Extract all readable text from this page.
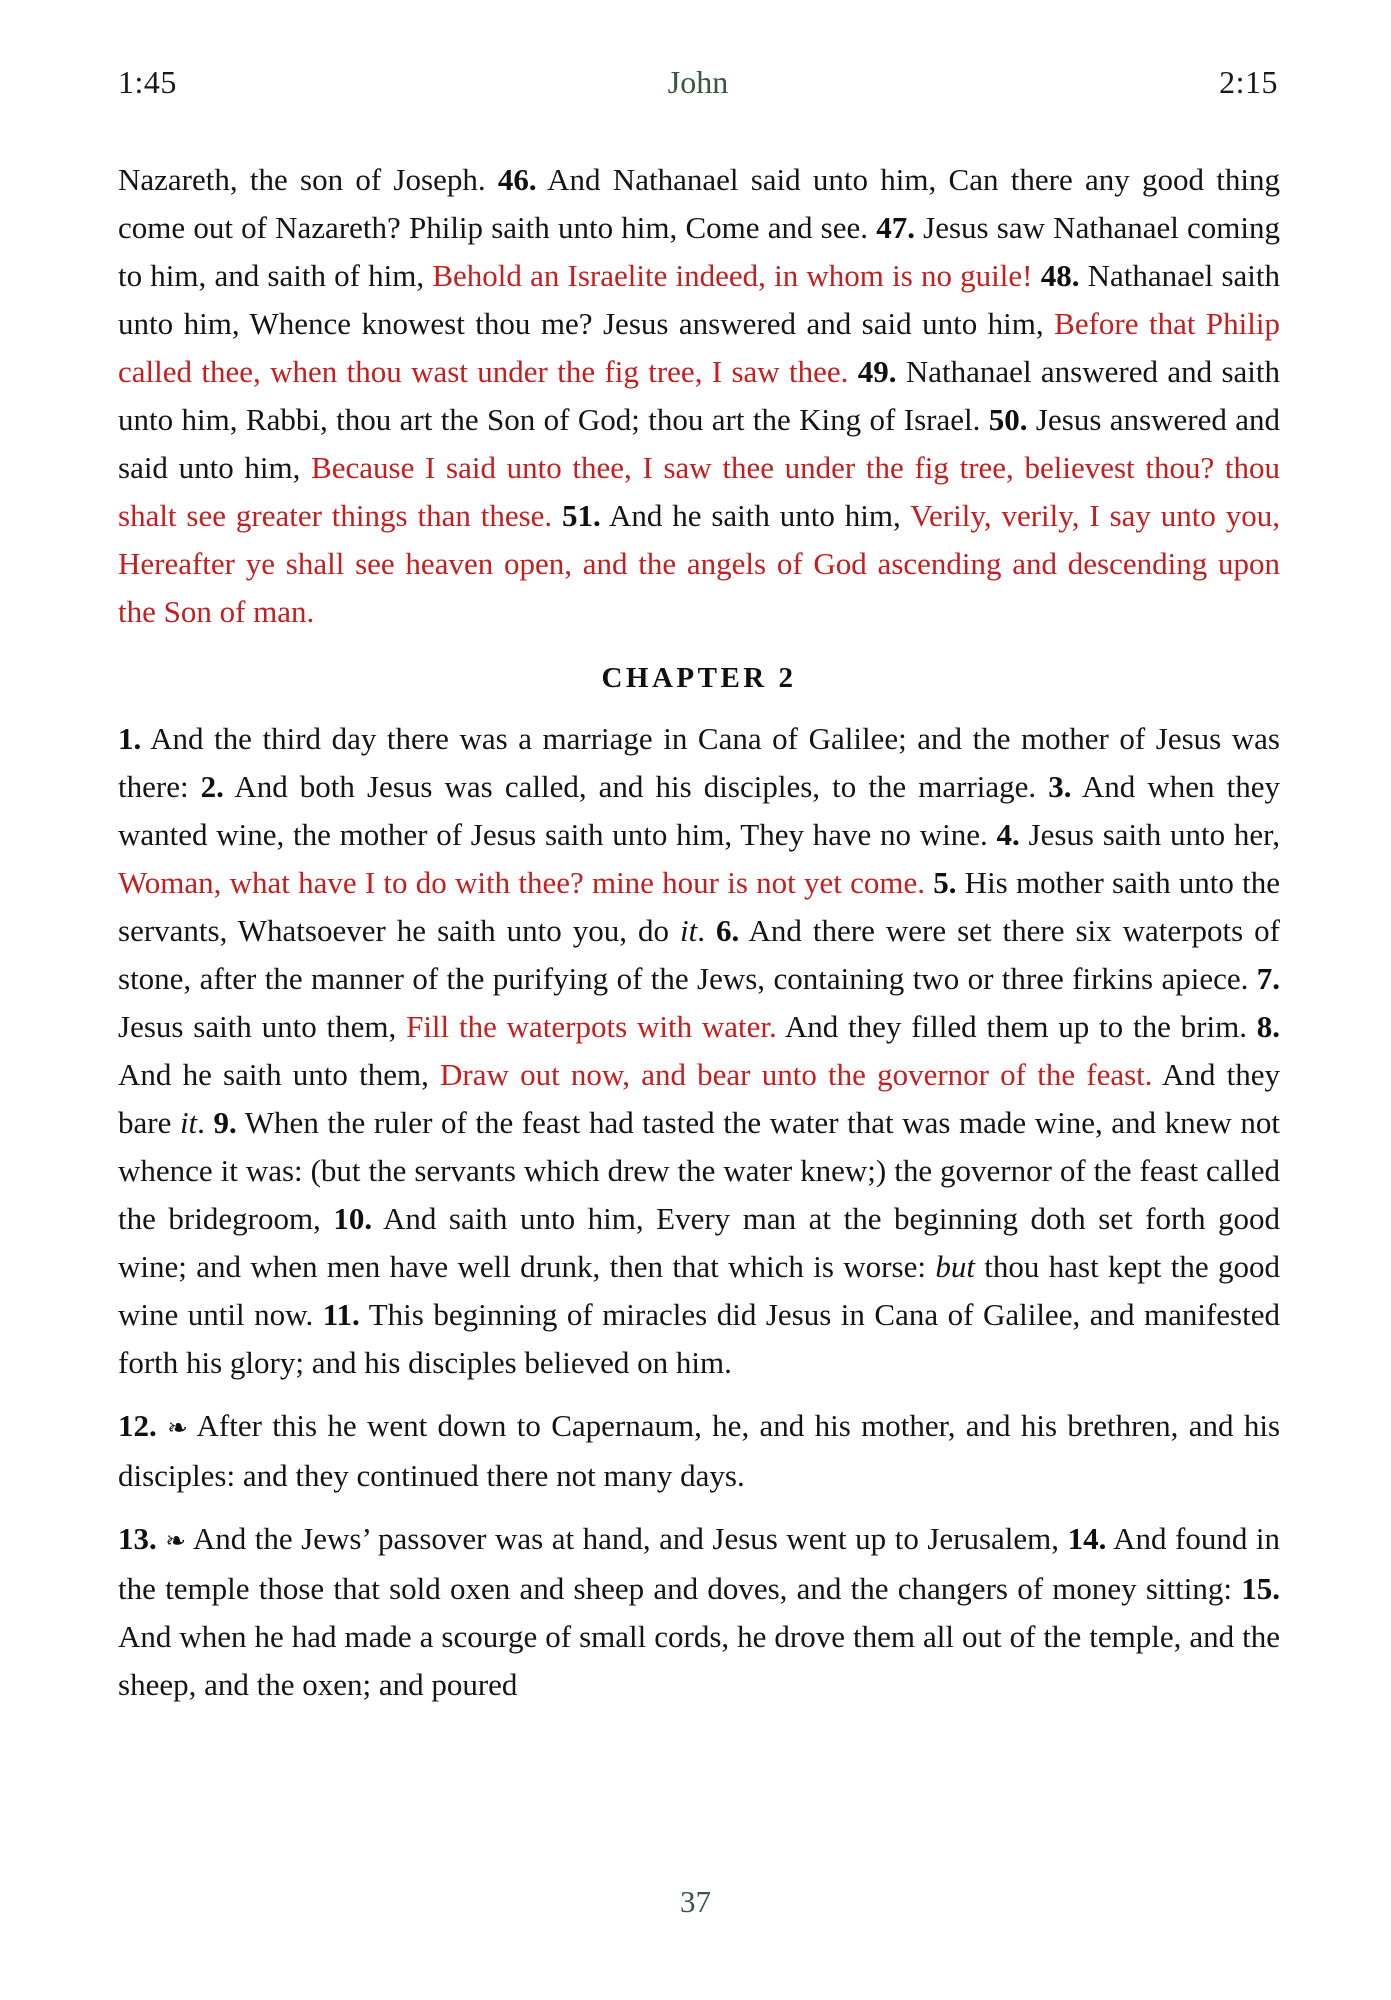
1:45	John	2:15

Nazareth, the son of Joseph. 46. And Nathanael said unto him, Can there any good thing come out of Nazareth? Philip saith unto him, Come and see. 47. Jesus saw Nathanael coming to him, and saith of him, Behold an Israelite indeed, in whom is no guile! 48. Nathanael saith unto him, Whence knowest thou me? Jesus answered and said unto him, Before that Philip called thee, when thou wast under the fig tree, I saw thee. 49. Nathanael answered and saith unto him, Rabbi, thou art the Son of God; thou art the King of Israel. 50. Jesus answered and said unto him, Because I said unto thee, I saw thee under the fig tree, believest thou? thou shalt see greater things than these. 51. And he saith unto him, Verily, verily, I say unto you, Hereafter ye shall see heaven open, and the angels of God ascending and descending upon the Son of man.

CHAPTER 2

1. And the third day there was a marriage in Cana of Galilee; and the mother of Jesus was there: 2. And both Jesus was called, and his disciples, to the marriage. 3. And when they wanted wine, the mother of Jesus saith unto him, They have no wine. 4. Jesus saith unto her, Woman, what have I to do with thee? mine hour is not yet come. 5. His mother saith unto the servants, Whatsoever he saith unto you, do it. 6. And there were set there six waterpots of stone, after the manner of the purifying of the Jews, containing two or three firkins apiece. 7. Jesus saith unto them, Fill the waterpots with water. And they filled them up to the brim. 8. And he saith unto them, Draw out now, and bear unto the governor of the feast. And they bare it. 9. When the ruler of the feast had tasted the water that was made wine, and knew not whence it was: (but the servants which drew the water knew;) the governor of the feast called the bridegroom, 10. And saith unto him, Every man at the beginning doth set forth good wine; and when men have well drunk, then that which is worse: but thou hast kept the good wine until now. 11. This beginning of miracles did Jesus in Cana of Galilee, and manifested forth his glory; and his disciples believed on him.

12. ❧ After this he went down to Capernaum, he, and his mother, and his brethren, and his disciples: and they continued there not many days.

13. ❧ And the Jews’ passover was at hand, and Jesus went up to Jerusalem, 14. And found in the temple those that sold oxen and sheep and doves, and the changers of money sitting: 15. And when he had made a scourge of small cords, he drove them all out of the temple, and the sheep, and the oxen; and poured

37
